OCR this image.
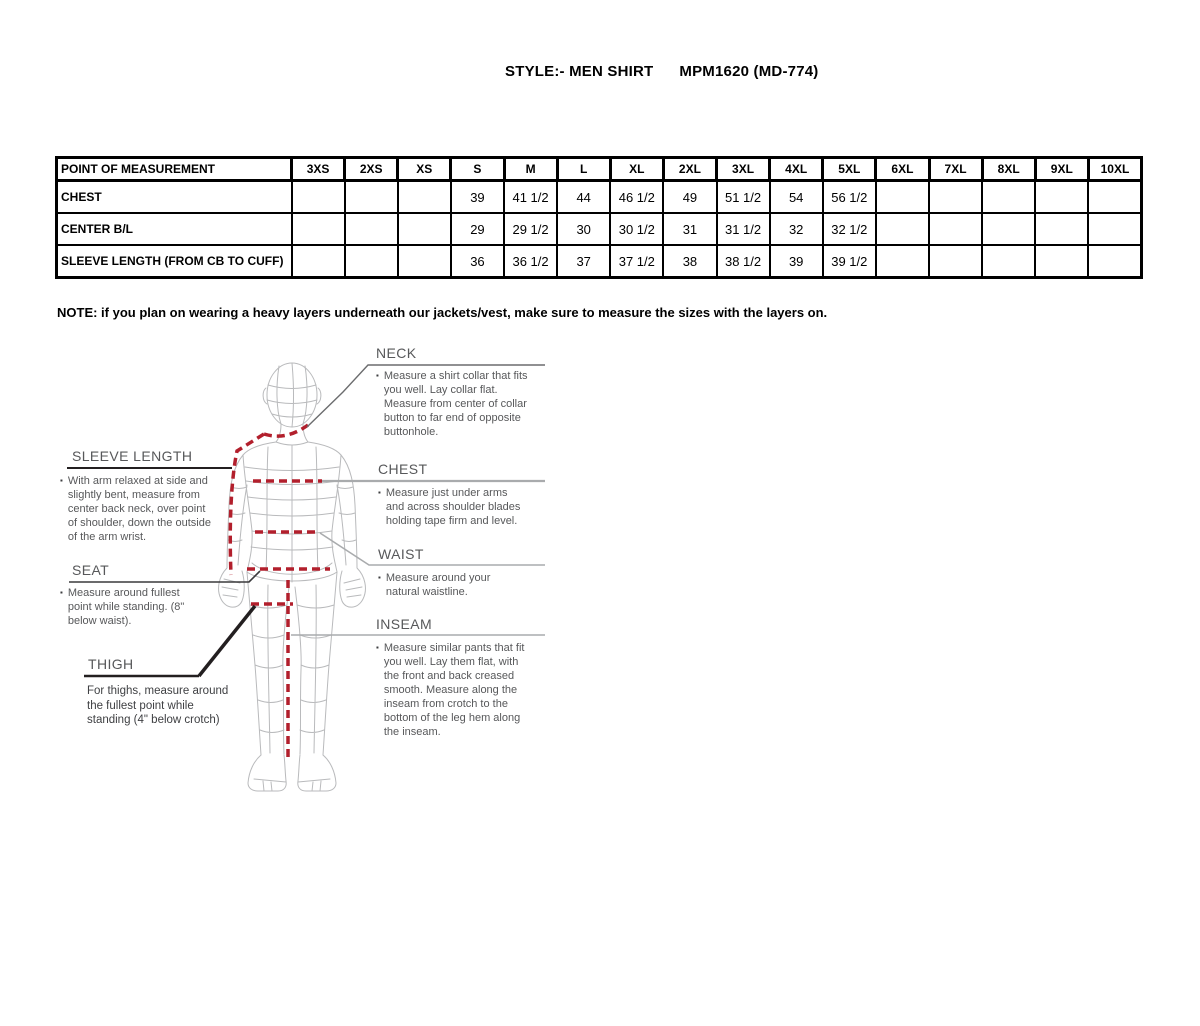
STYLE:- MEN SHIRT MPM1620 (MD-774)
POINT OF MEASUREMENT	3XS	2XS	XS	S	M	L	XL	2XL	3XL	4XL	5XL	6XL	7XL	8XL	9XL	10XL
CHEST				39	41 1/2	44	46 1/2	49	51 1/2	54	56 1/2					
CENTER B/L				29	29 1/2	30	30 1/2	31	31 1/2	32	32 1/2					
SLEEVE LENGTH (FROM CB TO CUFF)				36	36 1/2	37	37 1/2	38	38 1/2	39	39 1/2					
NOTE: if you plan on wearing a heavy layers underneath our jackets/vest, make sure to measure the sizes with the layers on.
NECK
▪ Measure a shirt collar that fits you well. Lay collar flat. Measure from center of collar button to far end of opposite buttonhole.
CHEST
▪ Measure just under arms and across shoulder blades holding tape firm and level.
WAIST
▪ Measure around your natural waistline.
INSEAM
▪ Measure similar pants that fit you well. Lay them flat, with the front and back creased smooth. Measure along the inseam from crotch to the bottom of the leg hem along the inseam.
SLEEVE LENGTH
▪ With arm relaxed at side and slightly bent, measure from center back neck, over point of shoulder, down the outside of the arm wrist.
SEAT
▪ Measure around fullest point while standing. (8" below waist).
THIGH
For thighs, measure around the fullest point while standing (4" below crotch)
